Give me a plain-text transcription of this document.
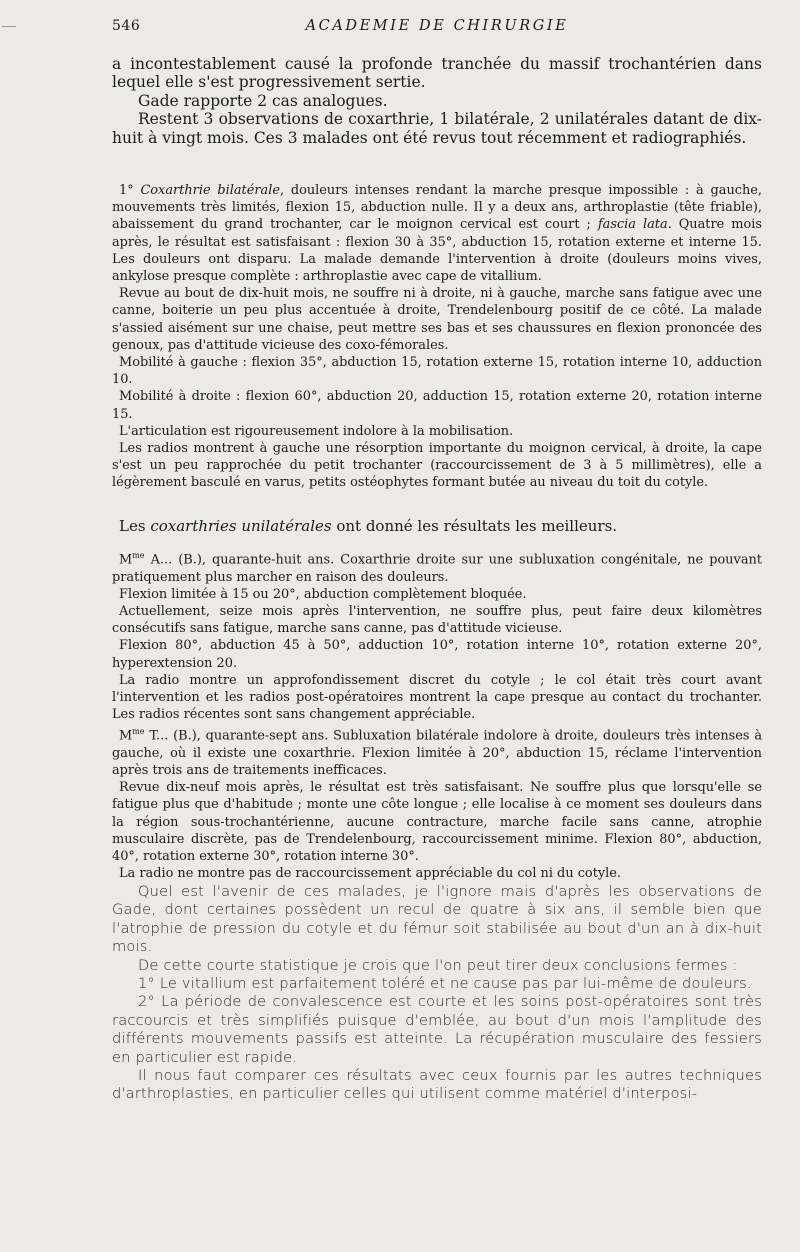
546	ACADEMIE DE CHIRURGIE

a incontestablement causé la profonde tranchée du massif trochantérien dans lequel elle s'est progressivement sertie.

Gade rapporte 2 cas analogues.

Restent 3 observations de coxarthrie, 1 bilatérale, 2 unilatérales datant de dix-huit à vingt mois. Ces 3 malades ont été revus tout récemment et radiographiés.

1° Coxarthrie bilatérale, douleurs intenses rendant la marche presque impossible : à gauche, mouvements très limités, flexion 15, abduction nulle. Il y a deux ans, arthroplastie (tête friable), abaissement du grand trochanter, car le moignon cervical est court ; fascia lata. Quatre mois après, le résultat est satisfaisant : flexion 30 à 35°, abduction 15, rotation externe et interne 15. Les douleurs ont disparu. La malade demande l'intervention à droite (douleurs moins vives, ankylose presque complète : arthroplastie avec cape de vitallium.

Revue au bout de dix-huit mois, ne souffre ni à droite, ni à gauche, marche sans fatigue avec une canne, boiterie un peu plus accentuée à droite, Trendelenbourg positif de ce côté. La malade s'assied aisément sur une chaise, peut mettre ses bas et ses chaussures en flexion prononcée des genoux, pas d'attitude vicieuse des coxo-fémorales.

Mobilité à gauche : flexion 35°, abduction 15, rotation externe 15, rotation interne 10, adduction 10.

Mobilité à droite : flexion 60°, abduction 20, adduction 15, rotation externe 20, rotation interne 15.

L'articulation est rigoureusement indolore à la mobilisation.

Les radios montrent à gauche une résorption importante du moignon cervical, à droite, la cape s'est un peu rapprochée du petit trochanter (raccourcissement de 3 à 5 millimètres), elle a légèrement basculé en varus, petits ostéophytes formant butée au niveau du toit du cotyle.

Les coxarthries unilatérales ont donné les résultats les meilleurs.

$M^{me}$ A... (B.), quarante-huit ans. Coxarthrie droite sur une subluxation congénitale, ne pouvant pratiquement plus marcher en raison des douleurs.

Flexion limitée à 15 ou 20°, abduction complètement bloquée.

Actuellement, seize mois après l'intervention, ne souffre plus, peut faire deux kilomètres consécutifs sans fatigue, marche sans canne, pas d'attitude vicieuse.

Flexion 80°, abduction 45 à 50°, adduction 10°, rotation interne 10°, rotation externe 20°, hyperextension 20.

La radio montre un approfondissement discret du cotyle ; le col était très court avant l'intervention et les radios post-opératoires montrent la cape presque au contact du trochanter. Les radios récentes sont sans changement appréciable.

$M^{me}$ T... (B.), quarante-sept ans. Subluxation bilatérale indolore à droite, douleurs très intenses à gauche, où il existe une coxarthrie. Flexion limitée à 20°, abduction 15, réclame l'intervention après trois ans de traitements inefficaces.

Revue dix-neuf mois après, le résultat est très satisfaisant. Ne souffre plus que lorsqu'elle se fatigue plus que d'habitude ; monte une côte longue ; elle localise à ce moment ses douleurs dans la région sous-trochantérienne, aucune contracture, marche facile sans canne, atrophie musculaire discrète, pas de Trendelenbourg, raccourcissement minime. Flexion 80°, abduction, 40°, rotation externe 30°, rotation interne 30°.

La radio ne montre pas de raccourcissement appréciable du col ni du cotyle.

Quel est l'avenir de ces malades, je l'ignore mais d'après les observations de Gade, dont certaines possèdent un recul de quatre à six ans, il semble bien que l'atrophie de pression du cotyle et du fémur soit stabilisée au bout d'un an à dix-huit mois.

De cette courte statistique je crois que l'on peut tirer deux conclusions fermes :

1° Le vitallium est parfaitement toléré et ne cause pas par lui-même de douleurs.

2° La période de convalescence est courte et les soins post-opératoires sont très raccourcis et très simplifiés puisque d'emblée, au bout d'un mois l'amplitude des différents mouvements passifs est atteinte. La récupération musculaire des fessiers en particulier est rapide.

Il nous faut comparer ces résultats avec ceux fournis par les autres techniques d'arthroplasties, en particulier celles qui utilisent comme matériel d'interposi-
